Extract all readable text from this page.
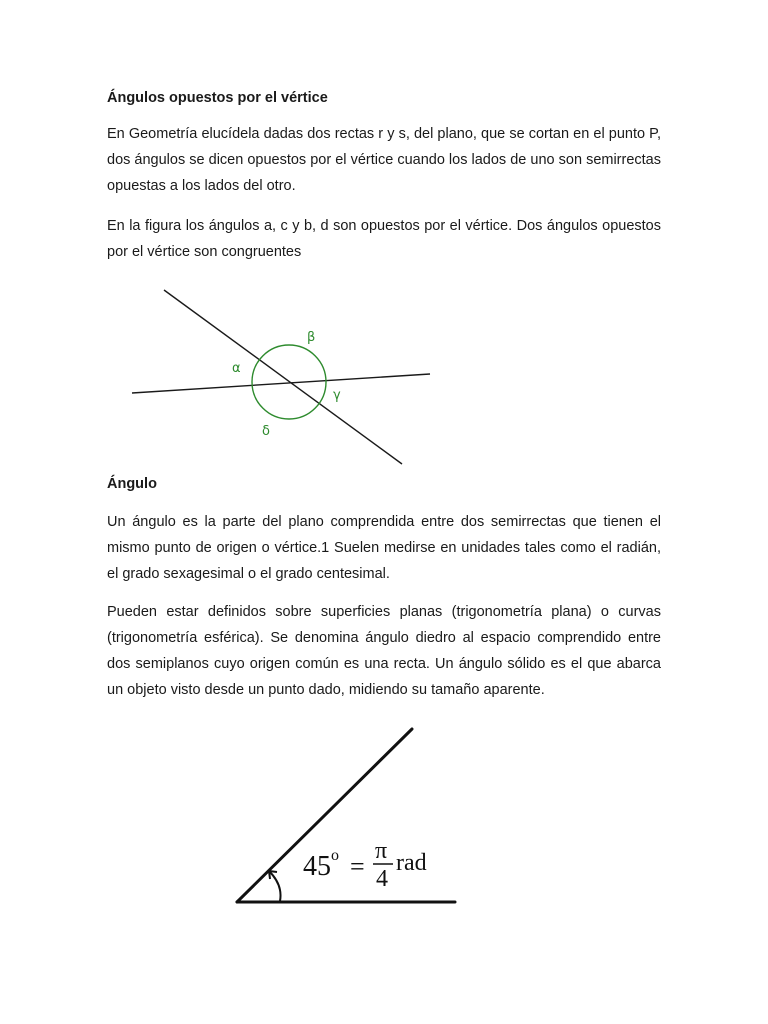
Ángulos opuestos por el vértice

En Geometría elucídela dadas dos rectas r y s, del plano, que se cortan en el punto P, dos ángulos se dicen opuestos por el vértice cuando los lados de uno son semirrectas opuestas a los lados del otro.

En la figura los ángulos a, c y b, d son opuestos por el vértice. Dos ángulos opuestos por el vértice son congruentes

α
β
γ
δ
Ángulo

Un ángulo es la parte del plano comprendida entre dos semirrectas que tienen el mismo punto de origen o vértice.1 Suelen medirse en unidades tales como el radián, el grado sexagesimal o el grado centesimal.

Pueden estar definidos sobre superficies planas (trigonometría plana) o curvas (trigonometría esférica). Se denomina ángulo diedro al espacio comprendido entre dos semiplanos cuyo origen común es una recta. Un ángulo sólido es el que abarca un objeto visto desde un punto dado, midiendo su tamaño aparente.

45 o =
π
4
rad
